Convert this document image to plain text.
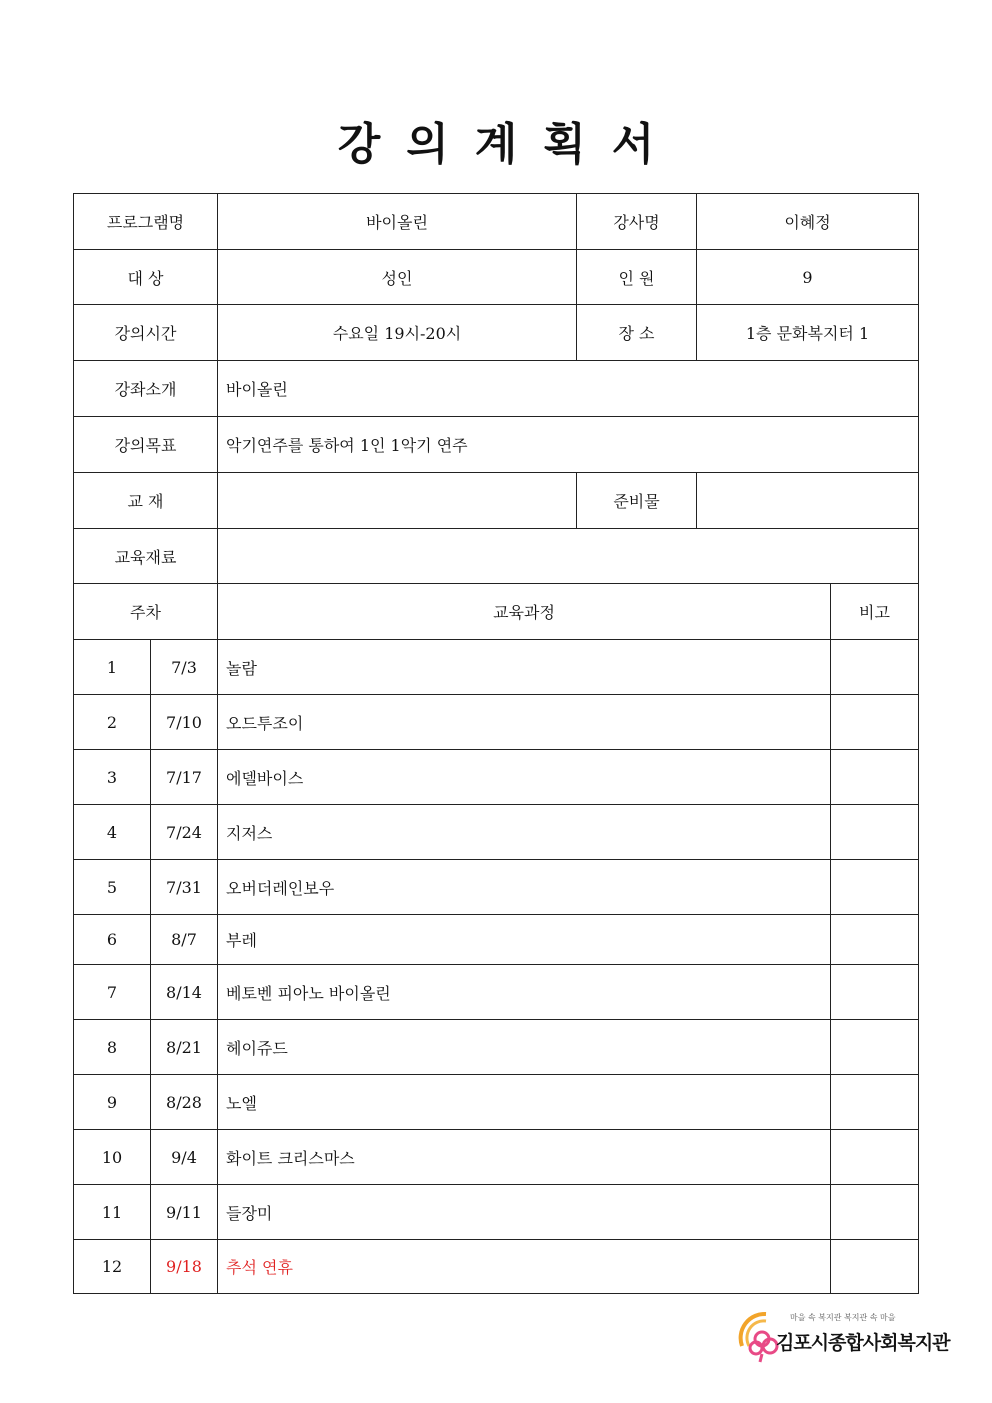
강의계획서
프로그램명		바이올린	강사명	이혜정	
대 상		성인	인 원	9	
강의시간		수요일 19시-20시	장 소	1층 문화복지터 1	
강좌소개		바이올린			
강의목표		악기연주를 통하여 1인 1악기 연주			
교 재			준비물		
교육재료					
주차		교육과정			비고
1	7/3	놀람			
2	7/10	오드투조이			
3	7/17	에델바이스			
4	7/24	지저스			
5	7/31	오버더레인보우			
6	8/7	부레			
7	8/14	베토벤 피아노 바이올린			
8	8/21	헤이쥬드			
9	8/28	노엘			
10	9/4	화이트 크리스마스			
11	9/11	들장미			
12	9/18	추석 연휴			
마을 속 복지관 복지관 속 마을
김포시종합사회복지관
